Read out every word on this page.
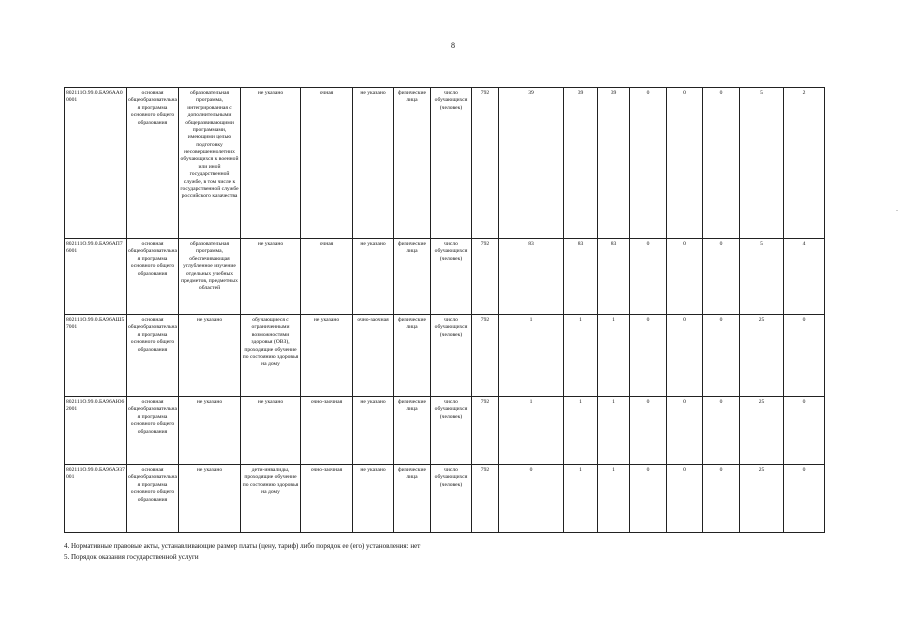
8
-
802111О.99.0.БА96АА00001	основная общеобразовательная программа основного общего образования	образовательная программа, интегрированная с дополнительными общеразвивающими программами, имеющими целью подготовку несовершеннолетних обучающихся к военной или иной государственной службе, в том числе к государственной службе российского казачества	не указано	очная	не указано	физические лица	число обучающихся (человек)	792	39	39	39	0	0	0	5	2
802111О.99.0.БА96АП76001	основная общеобразовательная программа основного общего образования	образовательная программа, обеспечивающая углубленное изучение отдельных учебных предметов, предметных областей	не указано	очная	не указано	физические лица	число обучающихся (человек)	792	83	83	83	0	0	0	5	4
802111О.99.0.БА96АШ57001	основная общеобразовательная программа основного общего образования	не указано	обучающиеся с ограниченными возможностями здоровья (ОВЗ), проходящие обучение по состоянию здоровья на дому	не указано	очно-заочная	физические лица	число обучающихся (человек)	792	1	1	1	0	0	0	25	0
802111О.99.0.БА96АЮ62001	основная общеобразовательная программа основного общего образования	не указано	не указано	очно-заочная	не указано	физические лица	число обучающихся (человек)	792	1	1	1	0	0	0	25	0
802111О.99.0.БА96АЭ37001	основная общеобразовательная программа основного общего образования	не указано	дети-инвалиды, проходящие обучение по состоянию здоровья на дому	очно-заочная	не указано	физические лица	число обучающихся (человек)	792	0	1	1	0	0	0	25	0
4. Нормативные правовые акты, устанавливающие размер платы (цену, тариф) либо порядок ее (его) установления: нет
5. Порядок оказания государственной услуги
